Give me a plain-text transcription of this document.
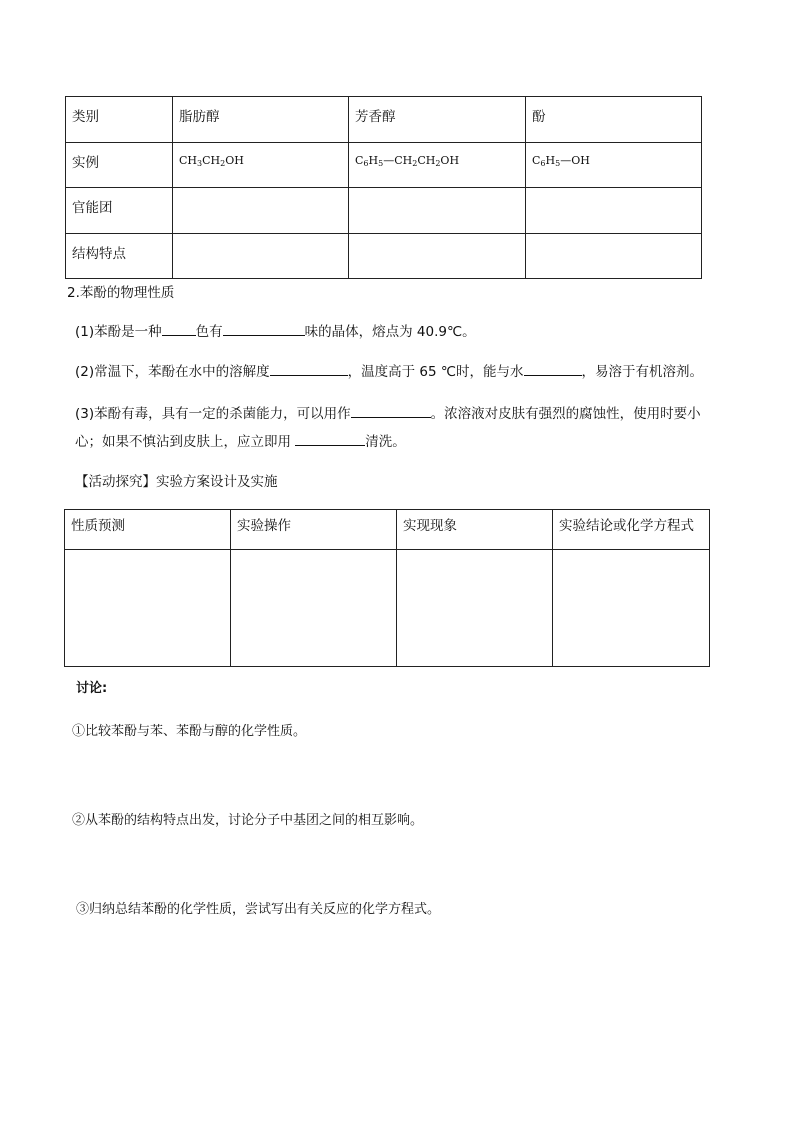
类别	脂肪醇	芳香醇	酚
实例	$CH_3CH_2OH$	$C_6H_5—CH_2CH_2OH$	$C_6H_5—OH$
官能团			
结构特点			
2.苯酚的物理性质
(1)苯酚是一种	色有	味的晶体，熔点为 40.9℃。
(2)常温下，苯酚在水中的溶解度	，温度高于 65 ℃时，能与水	，易溶于有机溶剂。
(3)苯酚有毒，具有一定的杀菌能力，可以用作	。浓溶液对皮肤有强烈的腐蚀性，使用时要小
心；如果不慎沾到皮肤上，应立即用	清洗。
【活动探究】实验方案设计及实施
性质预测	实验操作	实现现象	实验结论或化学方程式

讨论:
①比较苯酚与苯、苯酚与醇的化学性质。
②从苯酚的结构特点出发，讨论分子中基团之间的相互影响。
③归纳总结苯酚的化学性质，尝试写出有关反应的化学方程式。
